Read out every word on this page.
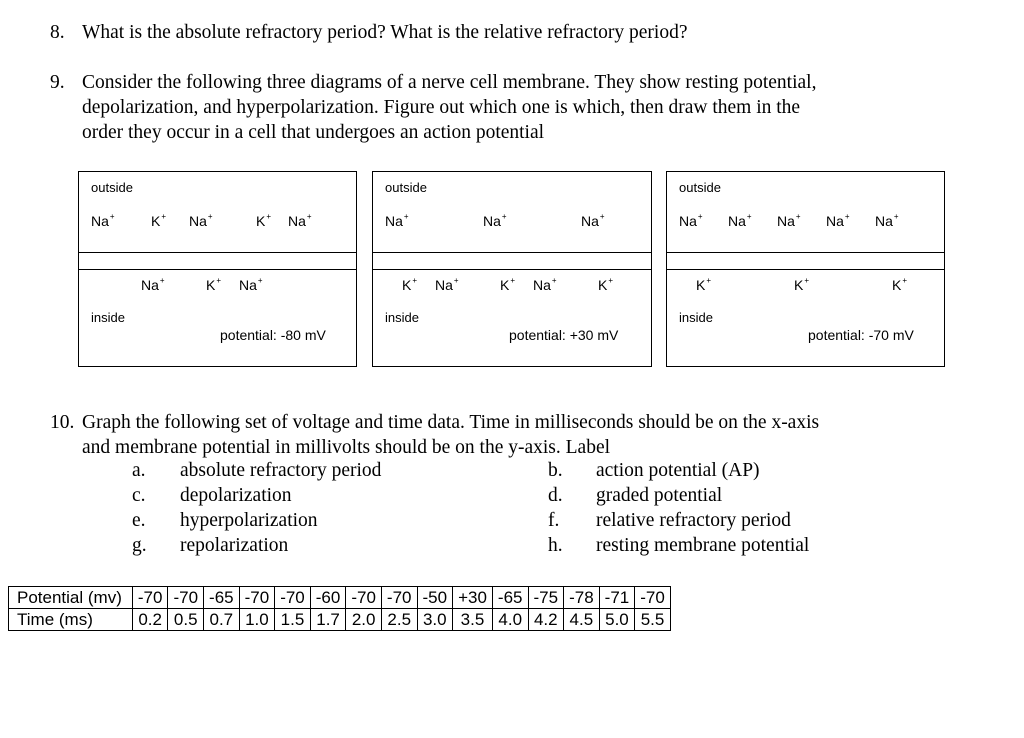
8. What is the absolute refractory period? What is the relative refractory period?
9. Consider the following three diagrams of a nerve cell membrane. They show resting potential,
depolarization, and hyperpolarization. Figure out which one is which, then draw them in the
order they occur in a cell that undergoes an action potential
outside
Na+	K+ Na+	K+ Na+
Na+	K+ Na+
inside
potential: -80 mV
outside
Na+	Na+	Na+
K+ Na+	K+ Na+	K+
inside
potential: +30 mV
outside
Na+ Na+ Na+ Na+ Na+
K+	K+	K+
inside
potential: -70 mV
10. Graph the following set of voltage and time data. Time in milliseconds should be on the x-axis
and membrane potential in millivolts should be on the y-axis. Label
a. absolute refractory period	b. action potential (AP)
c. depolarization	d. graded potential
e. hyperpolarization	f. relative refractory period
g. repolarization	h. resting membrane potential
Potential (mv)	-70	-70	-65	-70	-70	-60	-70	-70	-50	+30	-65	-75	-78	-71	-70
Time (ms)	0.2	0.5	0.7	1.0	1.5	1.7	2.0	2.5	3.0	3.5	4.0	4.2	4.5	5.0	5.5
